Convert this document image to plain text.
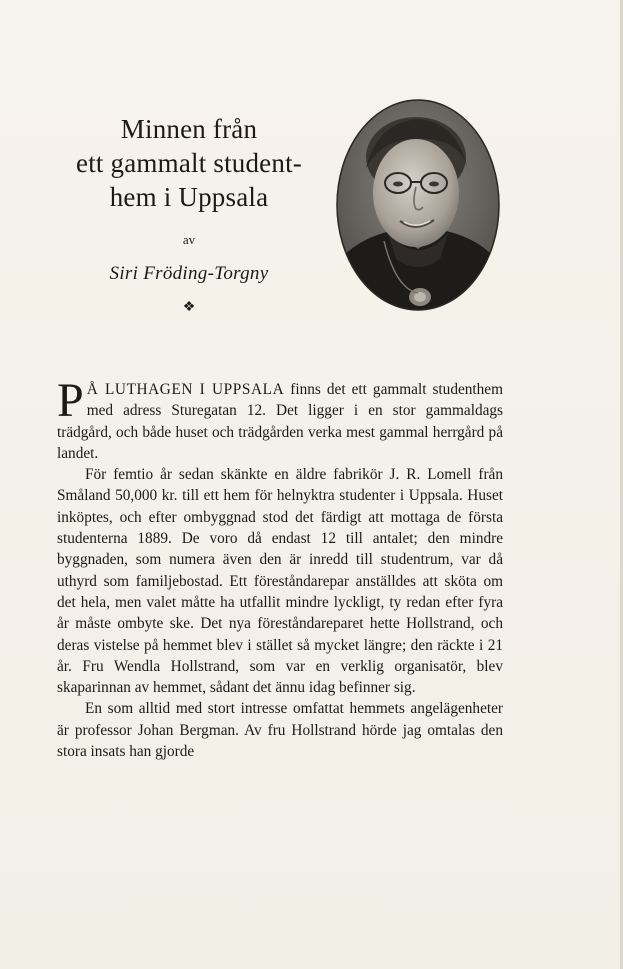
Minnen från
ett gammalt student-
hem i Uppsala
av
Siri Fröding-Torgny
❖

P Å LUTHAGEN I UPPSALA finns det ett gammalt studenthem med adress Sturegatan 12. Det ligger i en stor gammaldags trädgård, och både huset och trädgården verka mest gammal herrgård på landet.

För femtio år sedan skänkte en äldre fabrikör J. R. Lomell från Småland 50,000 kr. till ett hem för helnyktra studenter i Uppsala. Huset inköptes, och efter ombyggnad stod det färdigt att mottaga de första studenterna 1889. De voro då endast 12 till antalet; den mindre byggnaden, som numera även den är inredd till studentrum, var då uthyrd som familjebostad. Ett föreståndarepar anställdes att sköta om det hela, men valet måtte ha utfallit mindre lyckligt, ty redan efter fyra år måste ombyte ske. Det nya föreståndareparet hette Hollstrand, och deras vistelse på hemmet blev i stället så mycket längre; den räckte i 21 år. Fru Wendla Hollstrand, som var en verklig organisatör, blev skaparinnan av hemmet, sådant det ännu idag befinner sig.

En som alltid med stort intresse omfattat hemmets angelägenheter är professor Johan Bergman. Av fru Hollstrand hörde jag omtalas den stora insats han gjorde
